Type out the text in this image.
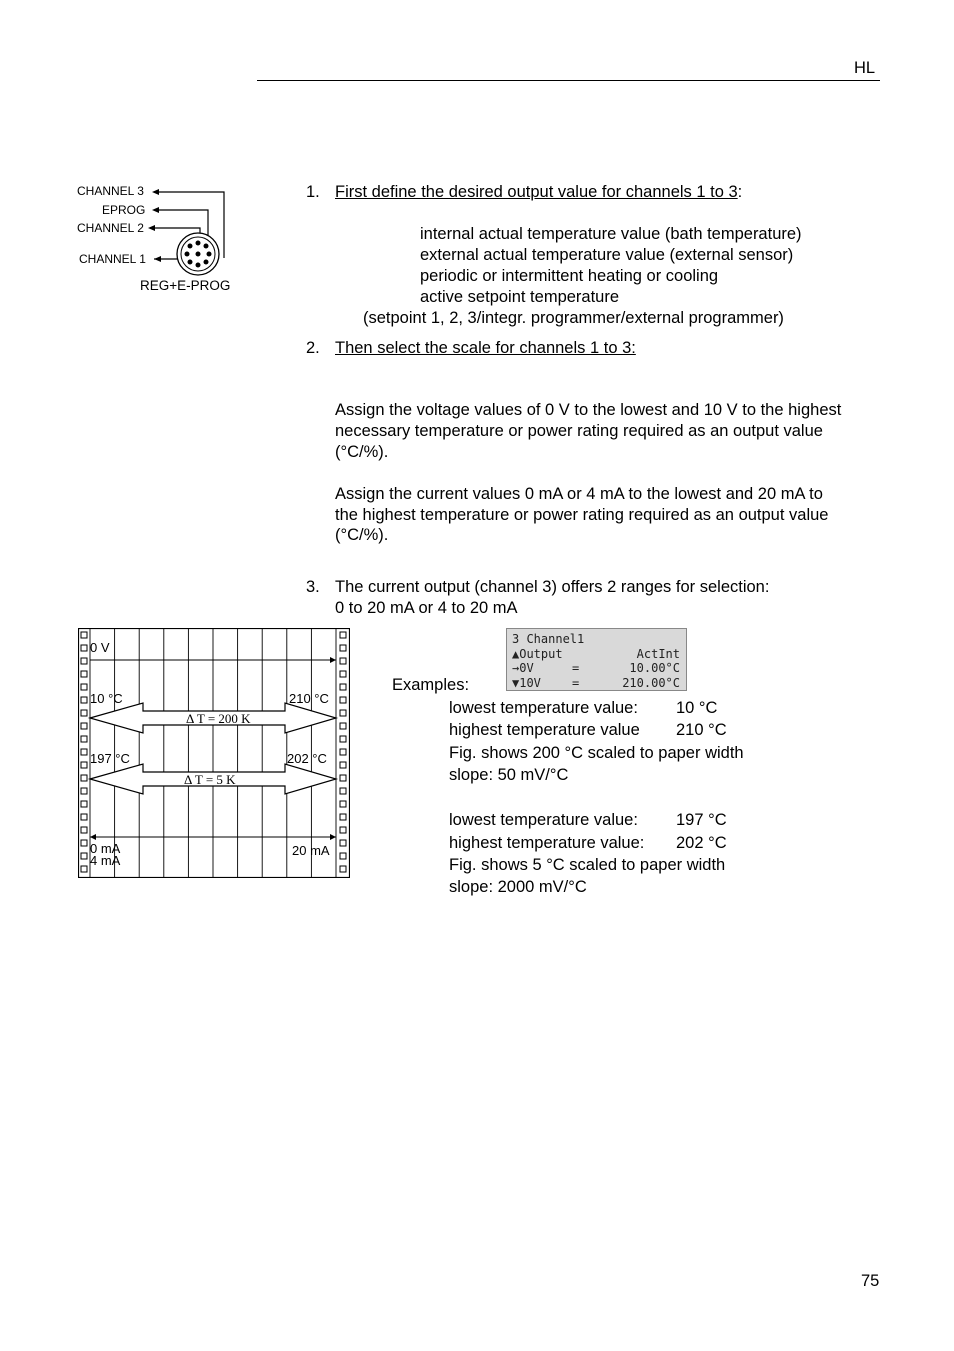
HL
CHANNEL 3
EPROG
CHANNEL 2
CHANNEL 1
REG+E-PROG
1. First define the desired output value for channels 1 to 3:
internal actual temperature value (bath temperature)
external actual temperature value (external sensor)
periodic or intermittent heating or cooling
active setpoint temperature
(setpoint 1, 2, 3/integr. programmer/external programmer)
2. Then select the scale for channels 1 to 3:
Assign the voltage values of 0 V to the lowest and 10 V to the highest
necessary temperature or power rating required as an output value
(°C/%).
Assign the current values 0 mA or 4 mA to the lowest and 20 mA to
the highest temperature or power rating required as an output value
(°C/%).
3. The current output (channel 3) offers 2 ranges for selection:
0 to 20 mA or 4 to 20 mA
0 V
10 °C	210 °C
Δ T = 200 K
197 °C	202 °C
Δ T = 5 K
0 mA
4 mA
20 mA
3 Channel1
▲Output	ActInt
→0V	=	10.00°C
▼10V	=	210.00°C
Examples:
lowest temperature value: 10 °C
highest temperature value 210 °C
Fig. shows 200 °C scaled to paper width
slope: 50 mV/°C
lowest temperature value: 197 °C
highest temperature value: 202 °C
Fig. shows 5 °C scaled to paper width
slope: 2000 mV/°C
75
